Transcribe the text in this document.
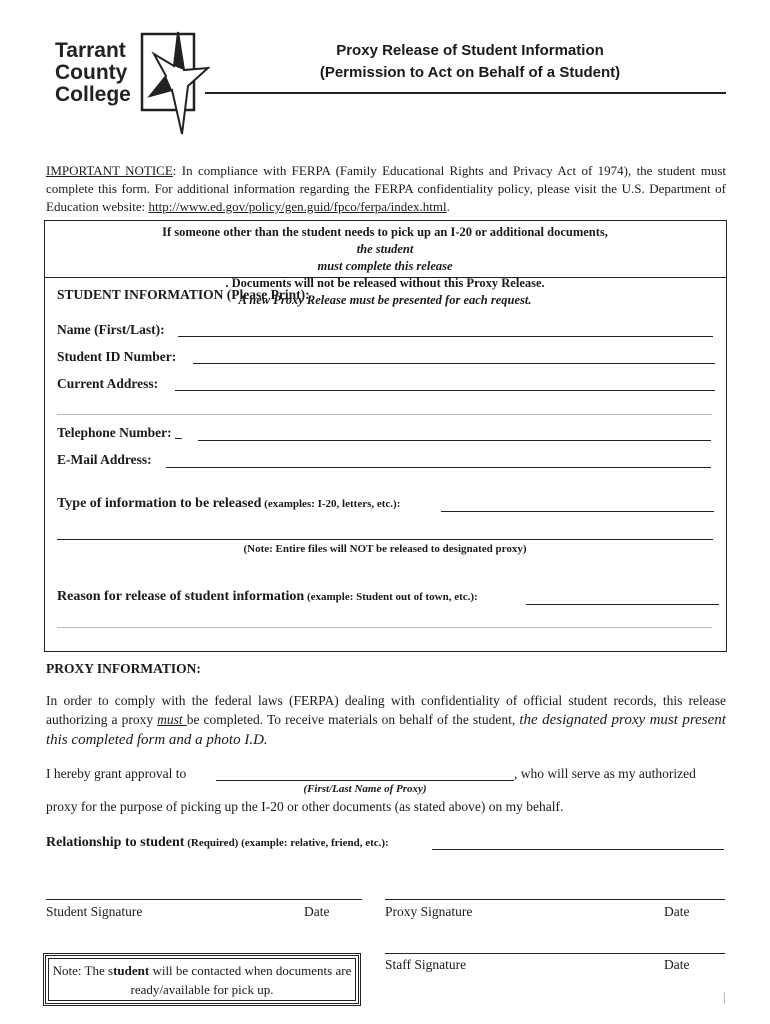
Tarrant
County
College
Proxy Release of Student Information
(Permission to Act on Behalf of a Student)
IMPORTANT NOTICE: In compliance with FERPA (Family Educational Rights and Privacy Act of 1974), the student must complete this form. For additional information regarding the FERPA confidentiality policy, please visit the U.S. Department of Education website: http://www.ed.gov/policy/gen.guid/fpco/ferpa/index.html.
If someone other than the student needs to pick up an I-20 or additional documents,
the student
must complete this release
. Documents will not be released without this Proxy Release.
A new Proxy Release must be presented for each request.
STUDENT INFORMATION (Please Print):
Name (First/Last):
Student ID Number:
Current Address:
Telephone Number: _
E-Mail Address:
Type of information to be released (examples: I-20, letters, etc.):
(Note: Entire files will NOT be released to designated proxy)
Reason for release of student information (example: Student out of town, etc.):
PROXY INFORMATION:
In order to comply with the federal laws (FERPA) dealing with confidentiality of official student records, this release authorizing a proxy must be completed. To receive materials on behalf of the student, the designated proxy must present this completed form and a photo I.D.
I hereby grant approval to	, who will serve as my authorized
(First/Last Name of Proxy)
proxy for the purpose of picking up the I-20 or other documents (as stated above) on my behalf.
Relationship to student (Required) (example: relative, friend, etc.):
Student Signature	Date	Proxy Signature	Date
Staff Signature	Date
Note: The student will be contacted when documents are ready/available for pick up.
